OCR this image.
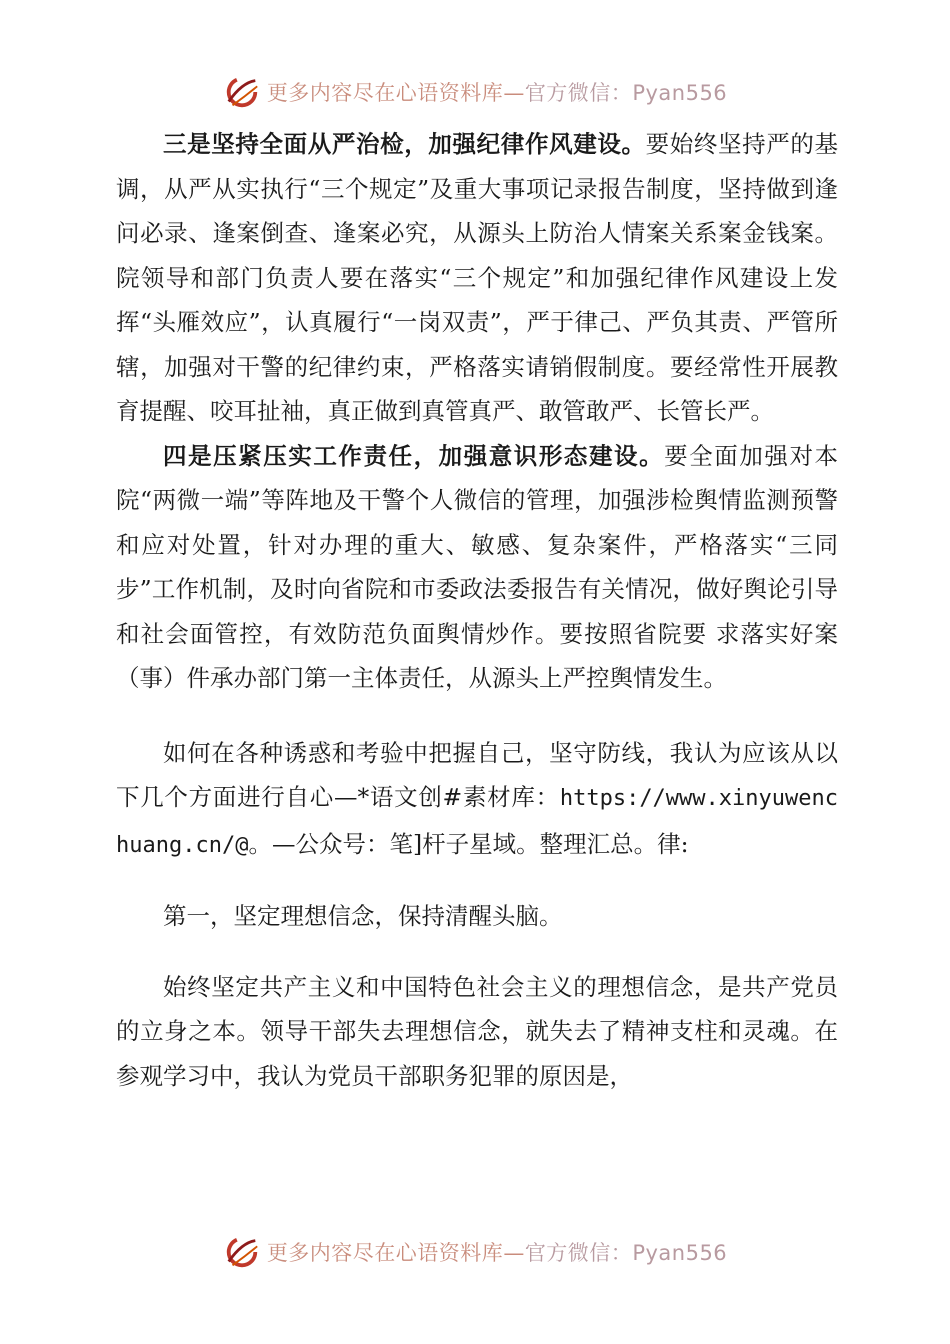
更多内容尽在心语资料库—官方微信：Pyan556

三是坚持全面从严治检，加强纪律作风建设。要始终坚持严的基调，从严从实执行“三个规定”及重大事项记录报告制度，坚持做到逢问必录、逢案倒查、逢案必究，从源头上防治人情案关系案金钱案。院领导和部门负责人要在落实“三个规定”和加强纪律作风建设上发挥“头雁效应”，认真履行“一岗双责”，严于律己、严负其责、严管所辖，加强对干警的纪律约束，严格落实请销假制度。要经常性开展教育提醒、咬耳扯袖，真正做到真管真严、敢管敢严、长管长严。

四是压紧压实工作责任，加强意识形态建设。要全面加强对本院“两微一端”等阵地及干警个人微信的管理，加强涉检舆情监测预警和应对处置，针对办理的重大、敏感、复杂案件，严格落实“三同步”工作机制，及时向省院和市委政法委报告有关情况，做好舆论引导和社会面管控，有效防范负面舆情炒作。要按照省院要 求落实好案（事）件承办部门第一主体责任，从源头上严控舆情发生。

如何在各种诱惑和考验中把握自己，坚守防线，我认为应该从以下几个方面进行自心—*语文创#素材库：https://www.xinyuwenchuang.cn/@。—公众号：笔]杆子星域。整理汇总。律:

第一，坚定理想信念，保持清醒头脑。

始终坚定共产主义和中国特色社会主义的理想信念，是共产党员的立身之本。领导干部失去理想信念，就失去了精神支柱和灵魂。在参观学习中，我认为党员干部职务犯罪的原因是，

更多内容尽在心语资料库—官方微信：Pyan556
